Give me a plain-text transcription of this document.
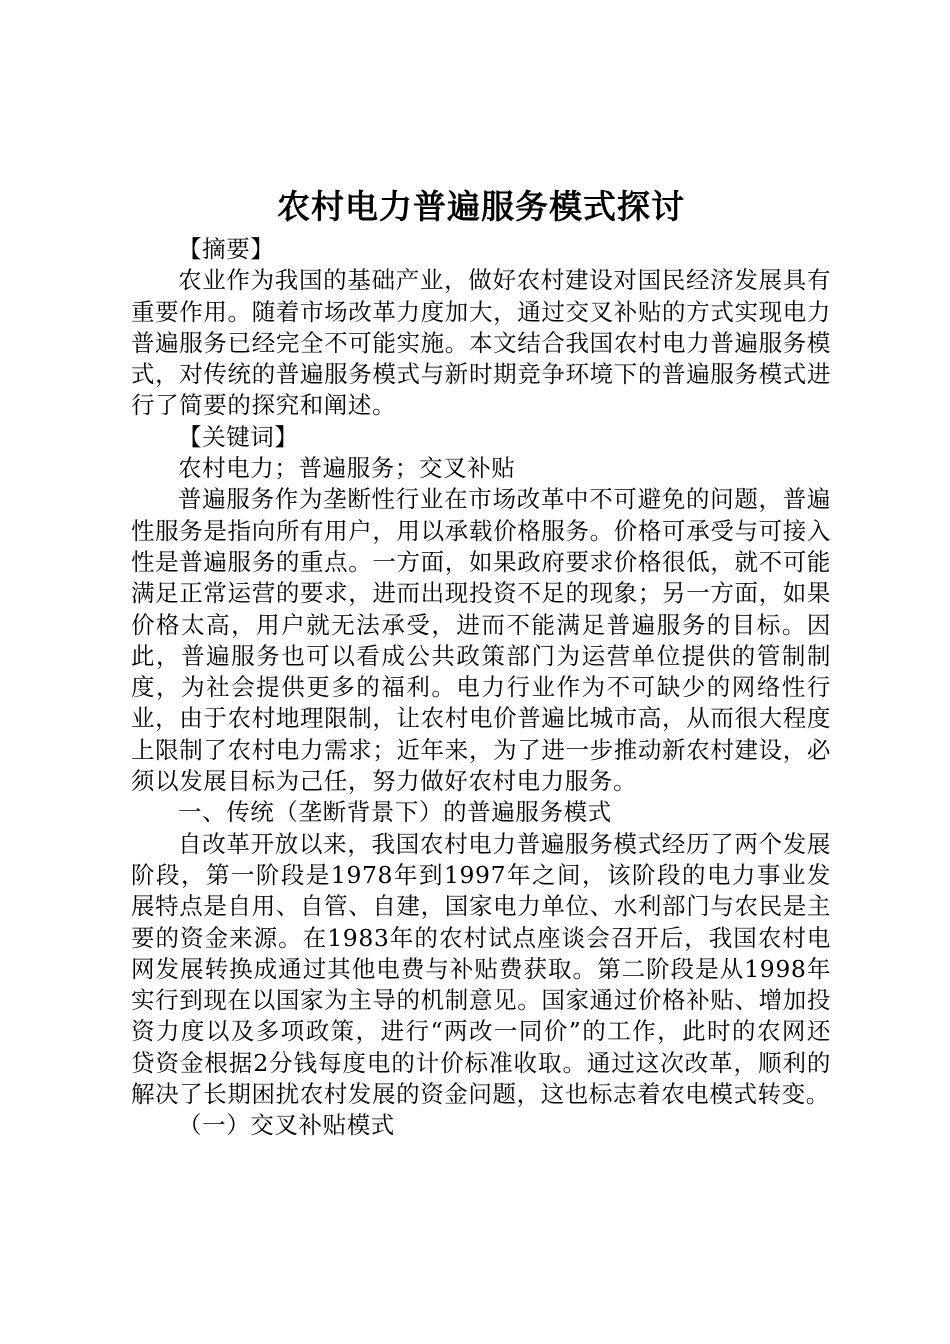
农村电力普遍服务模式探讨

【摘要】

农业作为我国的基础产业，做好农村建设对国民经济发展具有重要作用。随着市场改革力度加大，通过交叉补贴的方式实现电力普遍服务已经完全不可能实施。本文结合我国农村电力普遍服务模式，对传统的普遍服务模式与新时期竞争环境下的普遍服务模式进行了简要的探究和阐述。

【关键词】

农村电力；普遍服务；交叉补贴

普遍服务作为垄断性行业在市场改革中不可避免的问题，普遍性服务是指向所有用户，用以承载价格服务。价格可承受与可接入性是普遍服务的重点。一方面，如果政府要求价格很低，就不可能满足正常运营的要求，进而出现投资不足的现象；另一方面，如果价格太高，用户就无法承受，进而不能满足普遍服务的目标。因此，普遍服务也可以看成公共政策部门为运营单位提供的管制制度，为社会提供更多的福利。电力行业作为不可缺少的网络性行业，由于农村地理限制，让农村电价普遍比城市高，从而很大程度上限制了农村电力需求；近年来，为了进一步推动新农村建设，必须以发展目标为己任，努力做好农村电力服务。

一、传统（垄断背景下）的普遍服务模式

自改革开放以来，我国农村电力普遍服务模式经历了两个发展阶段，第一阶段是1978年到1997年之间，该阶段的电力事业发展特点是自用、自管、自建，国家电力单位、水利部门与农民是主要的资金来源。在1983年的农村试点座谈会召开后，我国农村电网发展转换成通过其他电费与补贴费获取。第二阶段是从1998年实行到现在以国家为主导的机制意见。国家通过价格补贴、增加投资力度以及多项政策，进行“两改一同价”的工作，此时的农网还贷资金根据2分钱每度电的计价标准收取。通过这次改革，顺利的解决了长期困扰农村发展的资金问题，这也标志着农电模式转变。

（一）交叉补贴模式
